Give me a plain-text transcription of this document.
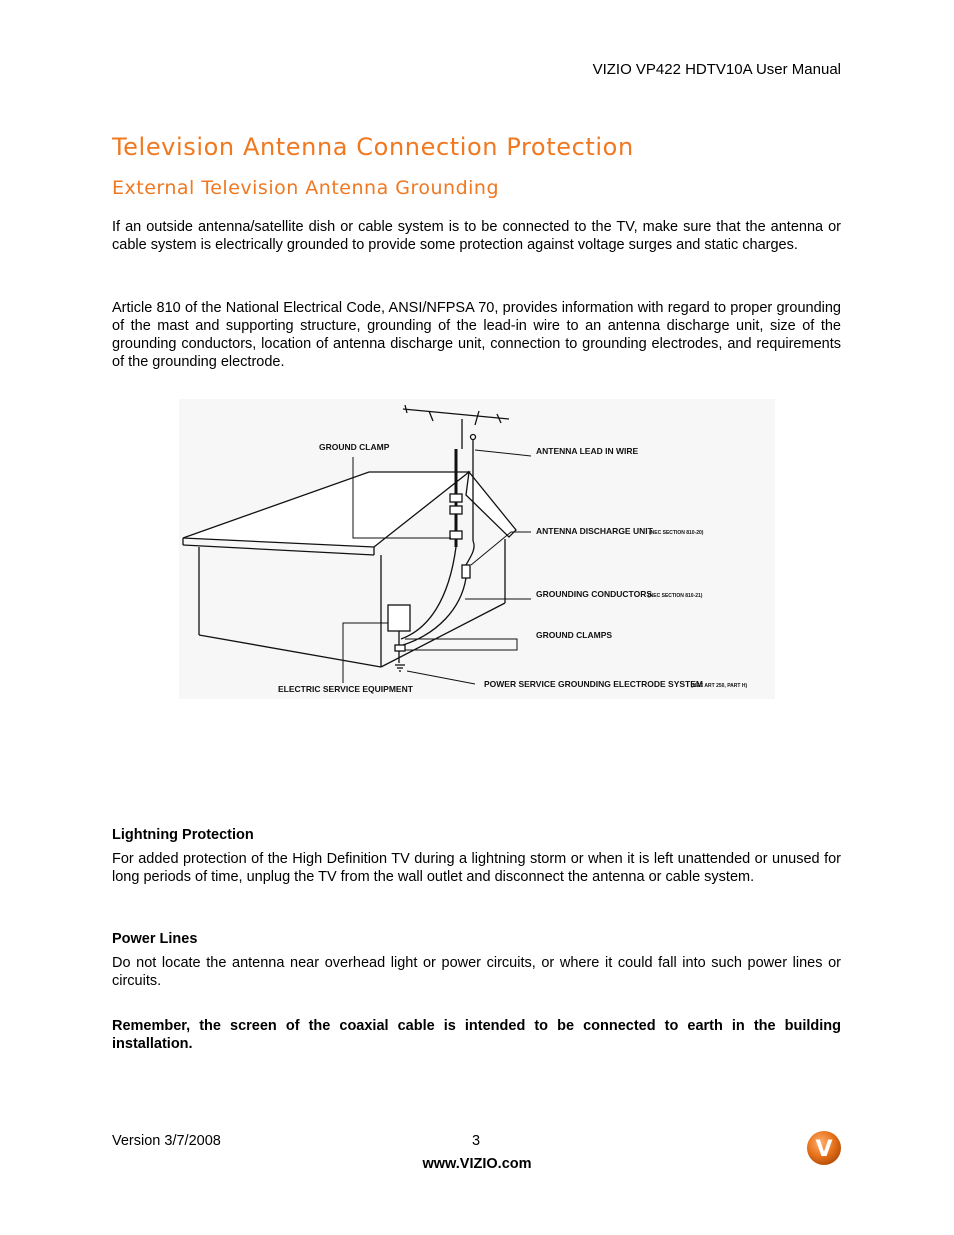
VIZIO VP422 HDTV10A User Manual
Television Antenna Connection Protection
External Television Antenna Grounding
If an outside antenna/satellite dish or cable system is to be connected to the TV, make sure that the antenna or cable system is electrically grounded to provide some protection against voltage surges and static charges.
Article 810 of the National Electrical Code, ANSI/NFPSA 70, provides information with regard to proper grounding of the mast and supporting structure, grounding of the lead-in wire to an antenna discharge unit, size of the grounding conductors, location of antenna discharge unit, connection to grounding electrodes, and requirements of the grounding electrode.
GROUND CLAMP	ANTENNA LEAD IN WIRE
ANTENNA DISCHARGE UNIT
(NEC SECTION 810-20)
GROUNDING CONDUCTORS
(NEC SECTION 810-21)
GROUND CLAMPS
POWER SERVICE GROUNDING ELECTRODE SYSTEM
(NEC ART 250, PART H)
ELECTRIC SERVICE EQUIPMENT
Lightning Protection
For added protection of the High Definition TV during a lightning storm or when it is left unattended or unused for long periods of time, unplug the TV from the wall outlet and disconnect the antenna or cable system.
Power Lines
Do not locate the antenna near overhead light or power circuits, or where it could fall into such power lines or circuits.
Remember, the screen of the coaxial cable is intended to be connected to earth in the building installation.
Version 3/7/2008	3
www.VIZIO.com
V
